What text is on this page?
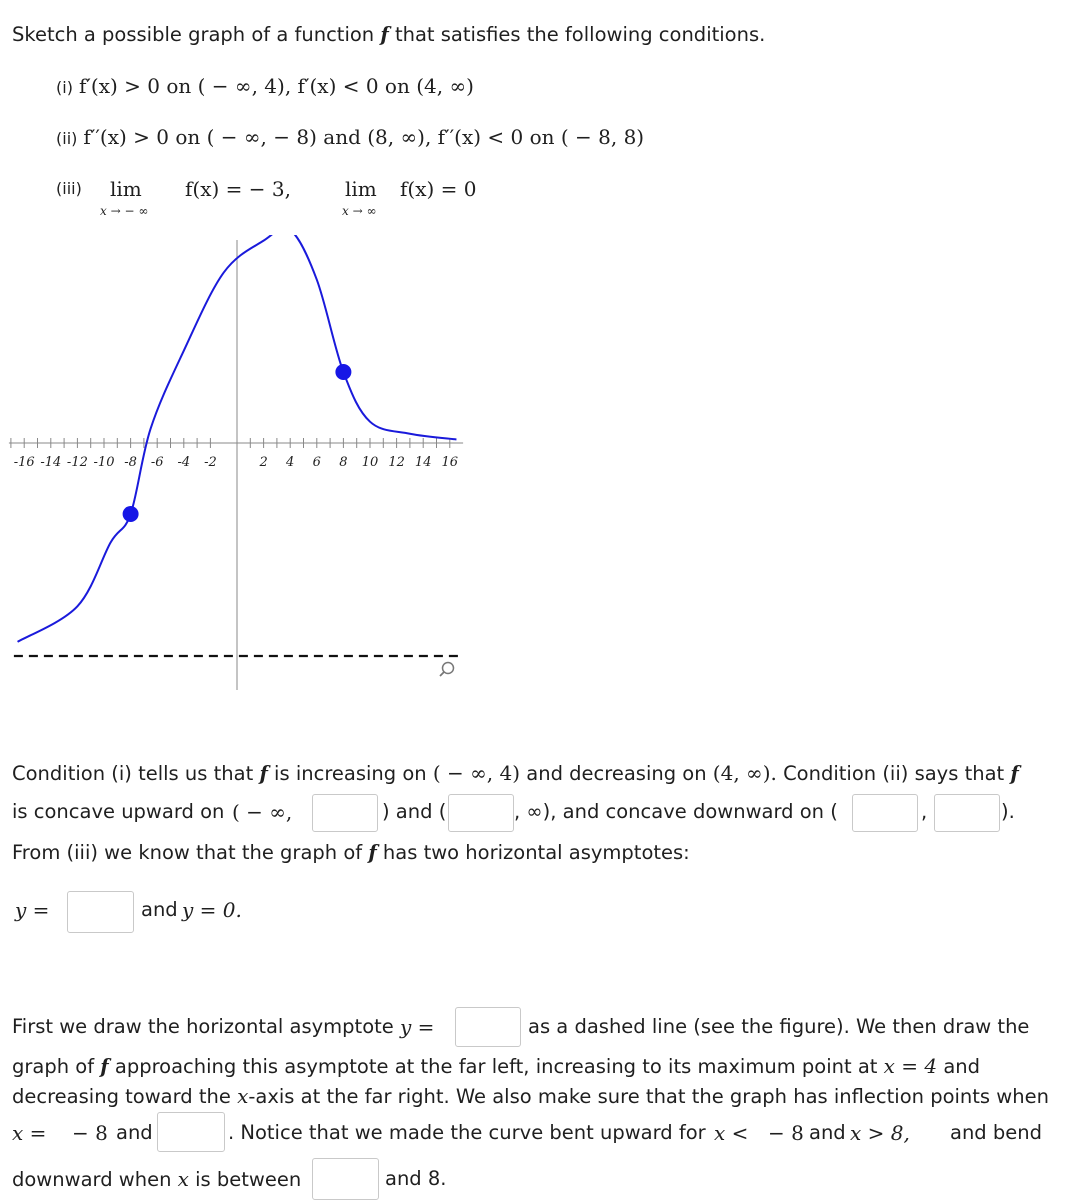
Sketch a possible graph of a function f that satisfies the following conditions.
(i) f′(x) > 0 on ( − ∞, 4), f′(x) < 0 on (4, ∞)
(ii) f′′(x) > 0 on ( − ∞, − 8) and (8, ∞), f′′(x) < 0 on ( − 8, 8)
(iii) lim
x → − ∞
f(x) = − 3,	lim
x → ∞
f(x) = 0
-16 -14 -12 -10 -8 -6 -4 -2	2 4 6 8 10 12 14 16
Condition (i) tells us that f is increasing on ( − ∞, 4) and decreasing on (4, ∞). Condition (ii) says that f
is concave upward on ( − ∞,	) and (	, ∞), and concave downward on (	,	).
From (iii) we know that the graph of f has two horizontal asymptotes:
y =	and y = 0.
First we draw the horizontal asymptote y =	as a dashed line (see the figure). We then draw the
graph of f approaching this asymptote at the far left, increasing to its maximum point at x = 4 and
decreasing toward the x-axis at the far right. We also make sure that the graph has inflection points when
x = − 8 and	. Notice that we made the curve bent upward for x < − 8 and x > 8, and bend
downward when x is between	and 8.
